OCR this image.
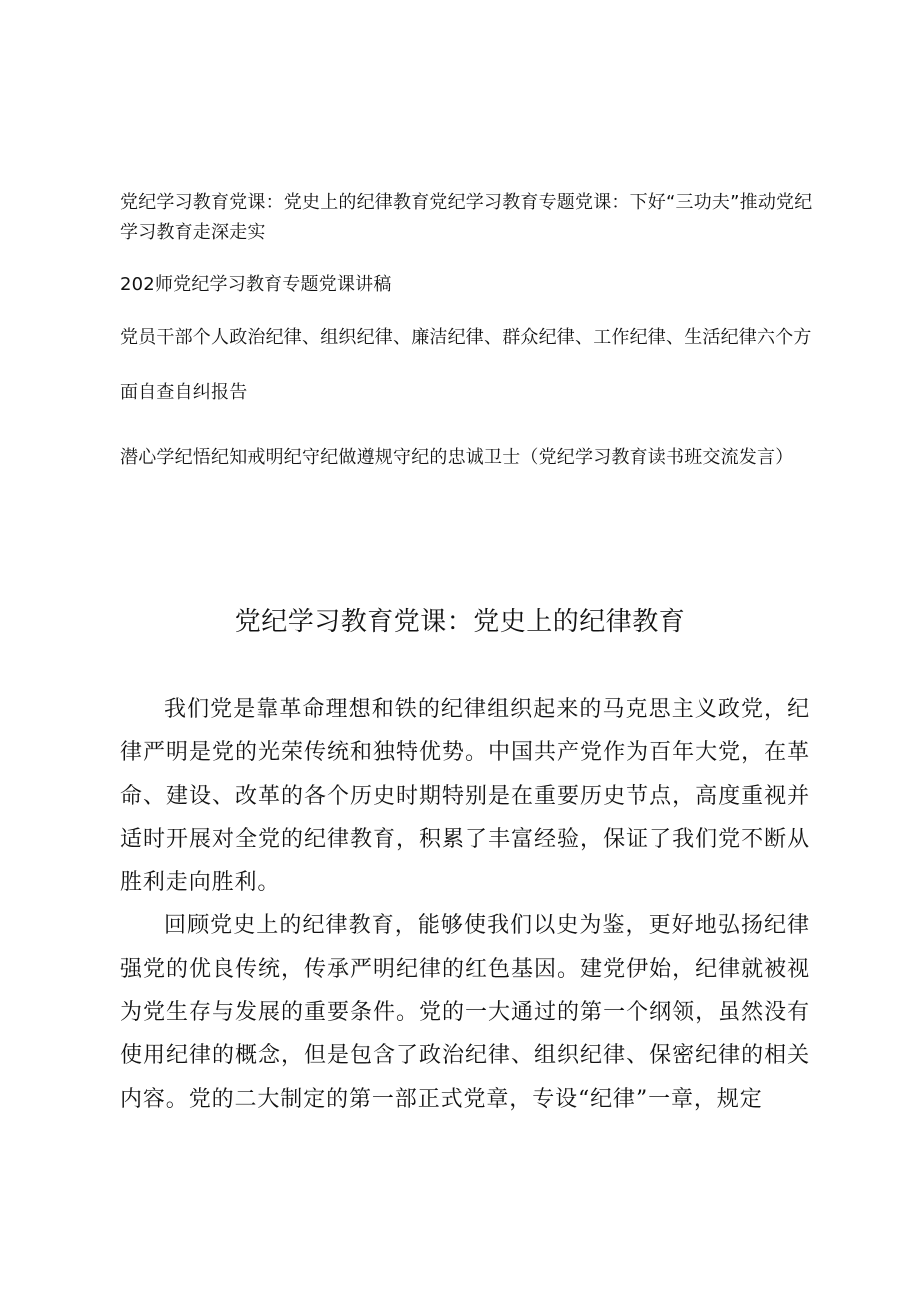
党纪学习教育党课：党史上的纪律教育党纪学习教育专题党课：下好“三功夫”推动党纪学习教育走深走实

202师党纪学习教育专题党课讲稿

党员干部个人政治纪律、组织纪律、廉洁纪律、群众纪律、工作纪律、生活纪律六个方面自查自纠报告

潜心学纪悟纪知戒明纪守纪做遵规守纪的忠诚卫士（党纪学习教育读书班交流发言）

党纪学习教育党课：党史上的纪律教育

我们党是靠革命理想和铁的纪律组织起来的马克思主义政党，纪律严明是党的光荣传统和独特优势。中国共产党作为百年大党，在革命、建设、改革的各个历史时期特别是在重要历史节点，高度重视并适时开展对全党的纪律教育，积累了丰富经验，保证了我们党不断从胜利走向胜利。

回顾党史上的纪律教育，能够使我们以史为鉴，更好地弘扬纪律强党的优良传统，传承严明纪律的红色基因。建党伊始，纪律就被视为党生存与发展的重要条件。党的一大通过的第一个纲领，虽然没有使用纪律的概念，但是包含了政治纪律、组织纪律、保密纪律的相关内容。党的二大制定的第一部正式党章，专设“纪律”一章，规定
